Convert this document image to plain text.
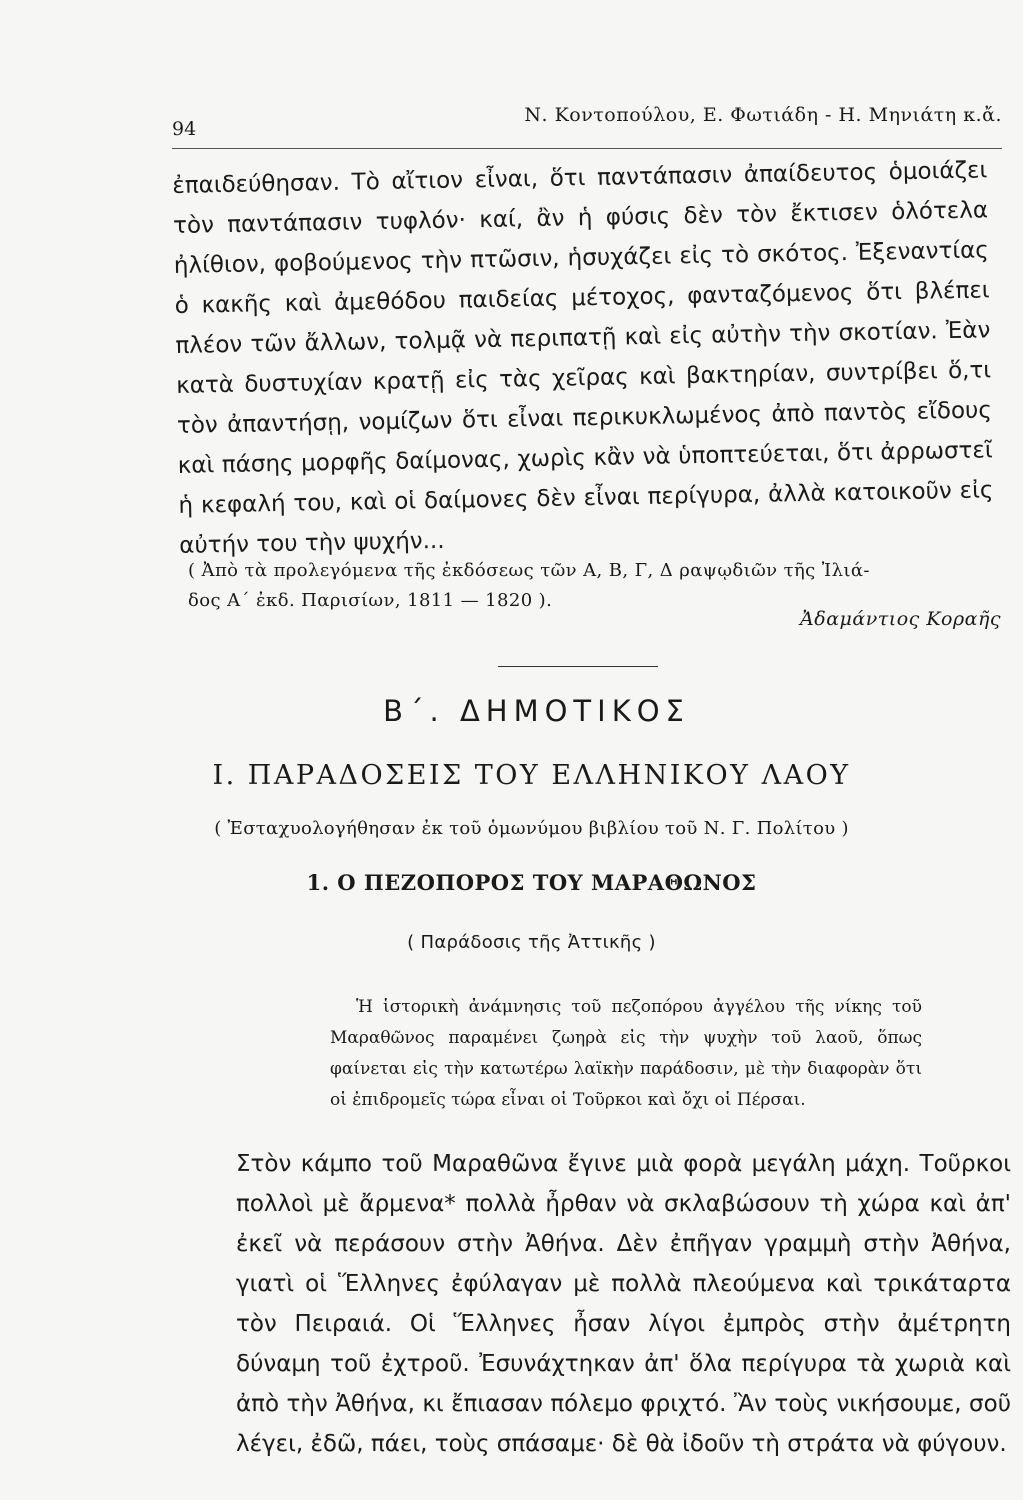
94
Ν. Κοντοπούλου, Ε. Φωτιάδη - Η. Μηνιάτη κ.ἄ.

ἐπαιδεύθησαν. Τὸ αἴτιον εἶναι, ὅτι παντάπασιν ἀπαίδευτος ὁμοιάζει τὸν παντάπασιν τυφλόν· καί, ἂν ἡ φύσις δὲν τὸν ἔκτισεν ὁλότελα ἠλίθιον, φοβούμενος τὴν πτῶσιν, ἡσυχάζει εἰς τὸ σκότος. Ἐξεναντίας ὁ κακῆς καὶ ἀμεθόδου παιδείας μέτοχος, φανταζόμενος ὅτι βλέπει πλέον τῶν ἄλλων, τολμᾷ νὰ περιπατῇ καὶ εἰς αὐτὴν τὴν σκοτίαν. Ἐὰν κατὰ δυστυχίαν κρατῇ εἰς τὰς χεῖρας καὶ βακτηρίαν, συντρίβει ὅ,τι τὸν ἀπαντήσῃ, νομίζων ὅτι εἶναι περικυκλωμένος ἀπὸ παντὸς εἴδους καὶ πάσης μορφῆς δαίμονας, χωρὶς κἂν νὰ ὑποπτεύεται, ὅτι ἀρρωστεῖ ἡ κεφαλή του, καὶ οἱ δαίμονες δὲν εἶναι περίγυρα, ἀλλὰ κατοικοῦν εἰς αὐτήν του τὴν ψυχήν...

( Ἀπὸ τὰ προλεγόμενα τῆς ἐκδόσεως τῶν Α, Β, Γ, Δ ραψῳδιῶν τῆς Ἰλιά-
δος Α΄ ἐκδ. Παρισίων, 1811 — 1820 ).
Ἀδαμάντιος Κοραῆς
Β΄. ΔΗΜΟΤΙΚΟΣ
Ι. ΠΑΡΑΔΟΣΕΙΣ ΤΟΥ ΕΛΛΗΝΙΚΟΥ ΛΑΟΥ
( Ἐσταχυολογήθησαν ἐκ τοῦ ὁμωνύμου βιβλίου τοῦ Ν. Γ. Πολίτου )
1. Ο ΠΕΖΟΠΟΡΟΣ ΤΟΥ ΜΑΡΑΘΩΝΟΣ
( Παράδοσις τῆς Ἀττικῆς )

Ἡ ἱστορικὴ ἀνάμνησις τοῦ πεζοπόρου ἀγγέλου τῆς νίκης τοῦ Μαραθῶνος παραμένει ζωηρὰ εἰς τὴν ψυχὴν τοῦ λαοῦ, ὅπως φαίνεται εἰς τὴν κατωτέρω λαϊκὴν παράδοσιν, μὲ τὴν διαφορὰν ὅτι οἱ ἐπιδρομεῖς τώρα εἶναι οἱ Τοῦρκοι καὶ ὄχι οἱ Πέρσαι.

Στὸν κάμπο τοῦ Μαραθῶνα ἔγινε μιὰ φορὰ μεγάλη μάχη. Τοῦρκοι πολλοὶ μὲ ἄρμενα* πολλὰ ἦρθαν νὰ σκλαβώσουν τὴ χώρα καὶ ἀπ' ἐκεῖ νὰ περάσουν στὴν Ἀθήνα. Δὲν ἐπῆγαν γραμμὴ στὴν Ἀθήνα, γιατὶ οἱ Ἕλληνες ἐφύλαγαν μὲ πολλὰ πλεούμενα καὶ τρικάταρτα τὸν Πειραιά. Οἱ Ἕλληνες ἦσαν λίγοι ἐμπρὸς στὴν ἀμέτρητη δύναμη τοῦ ἐχτροῦ. Ἐσυνάχτηκαν ἀπ' ὅλα περίγυρα τὰ χωριὰ καὶ ἀπὸ τὴν Ἀθήνα, κι ἔπιασαν πόλεμο φριχτό. Ἂν τοὺς νικήσουμε, σοῦ λέγει, ἐδῶ, πάει, τοὺς σπάσαμε· δὲ θὰ ἰδοῦν τὴ στράτα νὰ φύγουν.
